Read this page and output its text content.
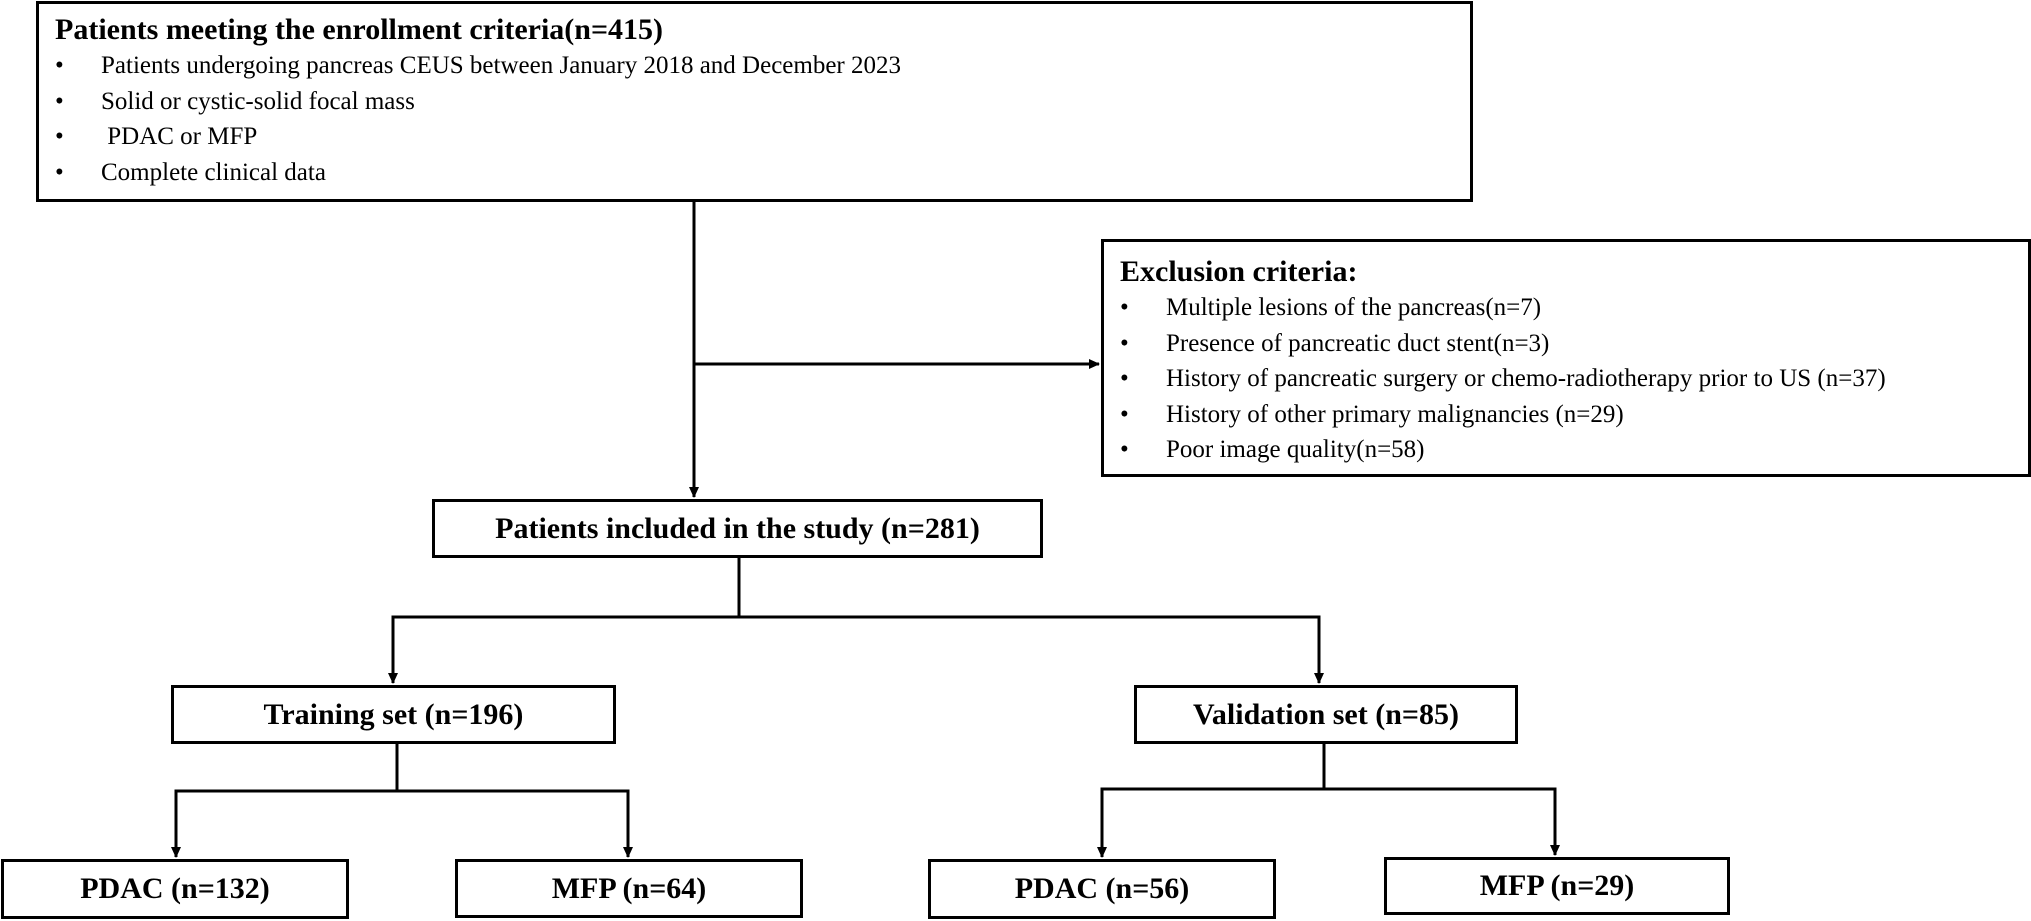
Patients meeting the enrollment criteria(n=415)

• Patients undergoing pancreas CEUS between January 2018 and December 2023
• Solid or cystic-solid focal mass
• PDAC or MFP
• Complete clinical data

Exclusion criteria:

• Multiple lesions of the pancreas(n=7)
• Presence of pancreatic duct stent(n=3)
• History of pancreatic surgery or chemo-radiotherapy prior to US (n=37)
• History of other primary malignancies (n=29)
• Poor image quality(n=58)
Patients included in the study (n=281)
Training set (n=196)	Validation set (n=85)
PDAC (n=132)	MFP (n=64)	PDAC (n=56)	MFP (n=29)
